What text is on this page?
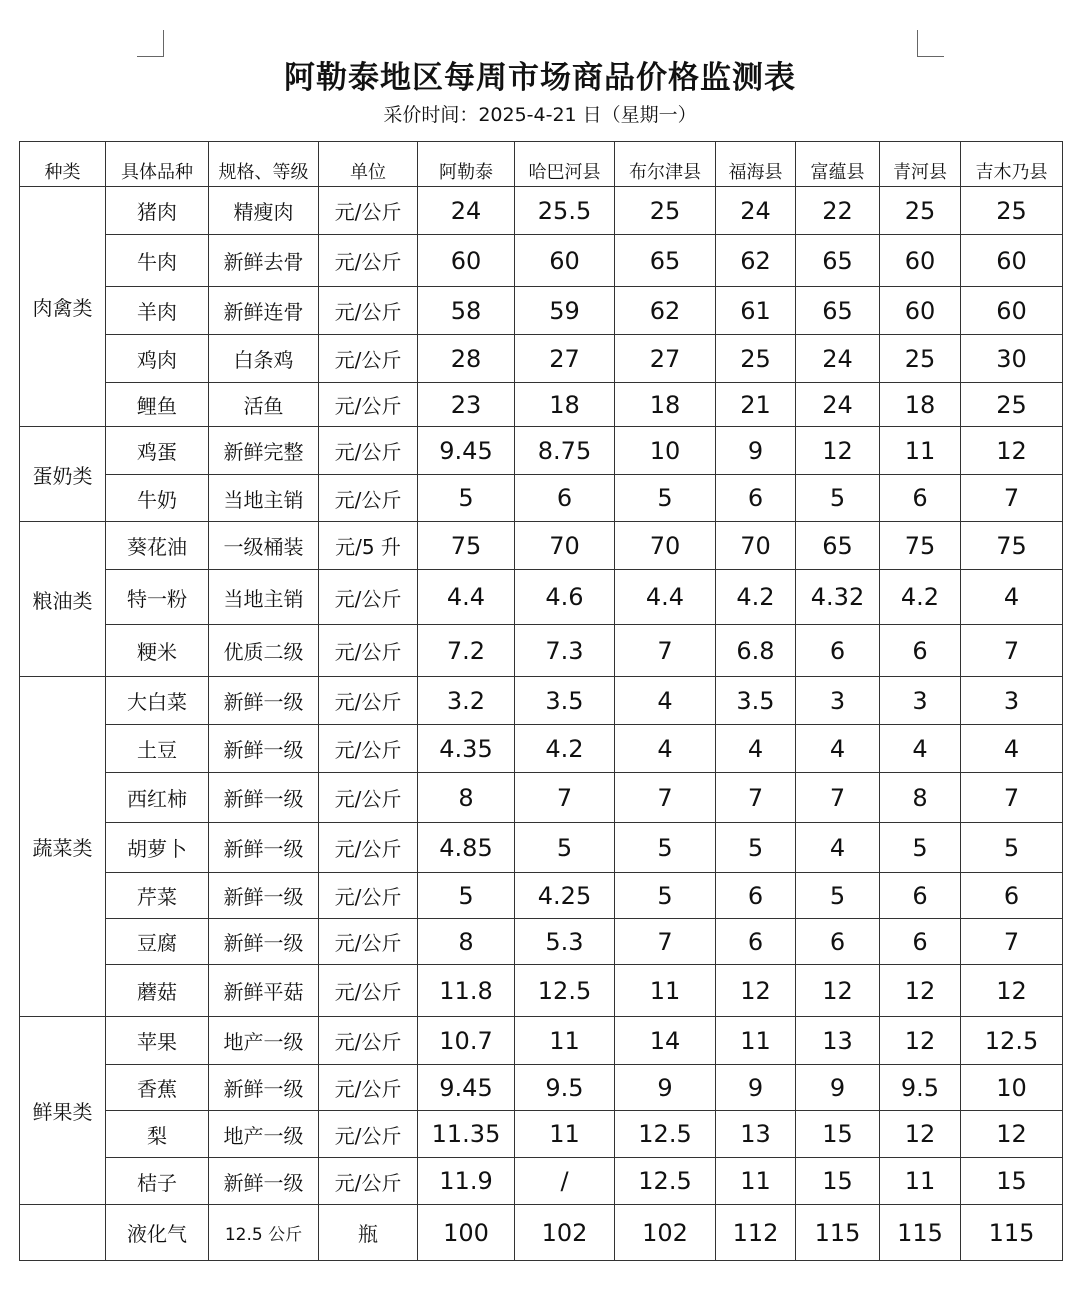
阿勒泰地区每周市场商品价格监测表
采价时间：2025-4-21 日（星期一）
种类	具体品种	规格、等级	单位	阿勒泰	哈巴河县	布尔津县	福海县	富蕴县	青河县	吉木乃县
肉禽类	猪肉	精瘦肉	元/公斤	24	25.5	25	24	22	25	25
	牛肉	新鲜去骨	元/公斤	60	60	65	62	65	60	60
	羊肉	新鲜连骨	元/公斤	58	59	62	61	65	60	60
	鸡肉	白条鸡	元/公斤	28	27	27	25	24	25	30
	鲤鱼	活鱼	元/公斤	23	18	18	21	24	18	25
蛋奶类	鸡蛋	新鲜完整	元/公斤	9.45	8.75	10	9	12	11	12
	牛奶	当地主销	元/公斤	5	6	5	6	5	6	7
粮油类	葵花油	一级桶装	元/5 升	75	70	70	70	65	75	75
	特一粉	当地主销	元/公斤	4.4	4.6	4.4	4.2	4.32	4.2	4
	粳米	优质二级	元/公斤	7.2	7.3	7	6.8	6	6	7
蔬菜类	大白菜	新鲜一级	元/公斤	3.2	3.5	4	3.5	3	3	3
	土豆	新鲜一级	元/公斤	4.35	4.2	4	4	4	4	4
	西红柿	新鲜一级	元/公斤	8	7	7	7	7	8	7
	胡萝卜	新鲜一级	元/公斤	4.85	5	5	5	4	5	5
	芹菜	新鲜一级	元/公斤	5	4.25	5	6	5	6	6
	豆腐	新鲜一级	元/公斤	8	5.3	7	6	6	6	7
	蘑菇	新鲜平菇	元/公斤	11.8	12.5	11	12	12	12	12
鲜果类	苹果	地产一级	元/公斤	10.7	11	14	11	13	12	12.5
	香蕉	新鲜一级	元/公斤	9.45	9.5	9	9	9	9.5	10
	梨	地产一级	元/公斤	11.35	11	12.5	13	15	12	12
	桔子	新鲜一级	元/公斤	11.9	/	12.5	11	15	11	15
	液化气	12.5 公斤	瓶	100	102	102	112	115	115	115
